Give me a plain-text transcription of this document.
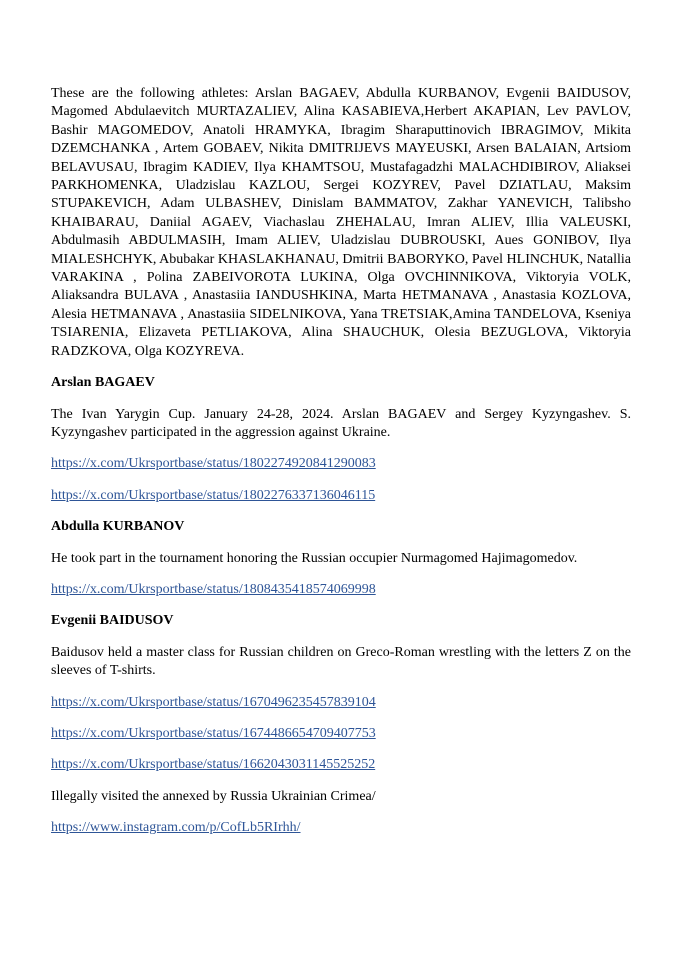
These are the following athletes: Arslan BAGAEV, Abdulla KURBANOV, Evgenii BAIDUSOV, Magomed Abdulaevitch MURTAZALIEV, Alina KASABIEVA,Herbert AKAPIAN, Lev PAVLOV, Bashir MAGOMEDOV, Anatoli HRAMYKA, Ibragim Sharaputtinovich IBRAGIMOV, Mikita DZEMCHANKA , Artem GOBAEV, Nikita DMITRIJEVS MAYEUSKI, Arsen BALAIAN, Artsiom BELAVUSAU, Ibragim KADIEV, Ilya KHAMTSOU, Mustafagadzhi MALACHDIBIROV, Aliaksei PARKHOMENKA, Uladzislau KAZLOU, Sergei KOZYREV, Pavel DZIATLAU, Maksim STUPAKEVICH, Adam ULBASHEV, Dinislam BAMMATOV, Zakhar YANEVICH, Talibsho KHAIBARAU, Daniial AGAEV, Viachaslau ZHEHALAU, Imran ALIEV, Illia VALEUSKI, Abdulmasih ABDULMASIH, Imam ALIEV, Uladzislau DUBROUSKI, Aues GONIBOV, Ilya MIALESHCHYK, Abubakar KHASLAKHANAU, Dmitrii BABORYKO, Pavel HLINCHUK, Natallia VARAKINA , Polina ZABEIVOROTA LUKINA, Olga OVCHINNIKOVA, Viktoryia VOLK, Aliaksandra BULAVA , Anastasiia IANDUSHKINA, Marta HETMANAVA , Anastasia KOZLOVA, Alesia HETMANAVA , Anastasiia SIDELNIKOVA, Yana TRETSIAK,Amina TANDELOVA, Kseniya TSIARENIA, Elizaveta PETLIAKOVA, Alina SHAUCHUK, Olesia BEZUGLOVA, Viktoryia RADZKOVA, Olga KOZYREVA.

Arslan BAGAEV

The Ivan Yarygin Cup. January 24-28, 2024. Arslan BAGAEV and Sergey Kyzyngashev. S. Kyzyngashev participated in the aggression against Ukraine.

https://x.com/Ukrsportbase/status/1802274920841290083

https://x.com/Ukrsportbase/status/1802276337136046115

Abdulla KURBANOV

He took part in the tournament honoring the Russian occupier Nurmagomed Hajimagomedov.

https://x.com/Ukrsportbase/status/1808435418574069998

Evgenii BAIDUSOV

Baidusov held a master class for Russian children on Greco-Roman wrestling with the letters Z on the sleeves of T-shirts.

https://x.com/Ukrsportbase/status/1670496235457839104

https://x.com/Ukrsportbase/status/1674486654709407753

https://x.com/Ukrsportbase/status/1662043031145525252

Illegally visited the annexed by Russia Ukrainian Crimea/

https://www.instagram.com/p/CofLb5RIrhh/
